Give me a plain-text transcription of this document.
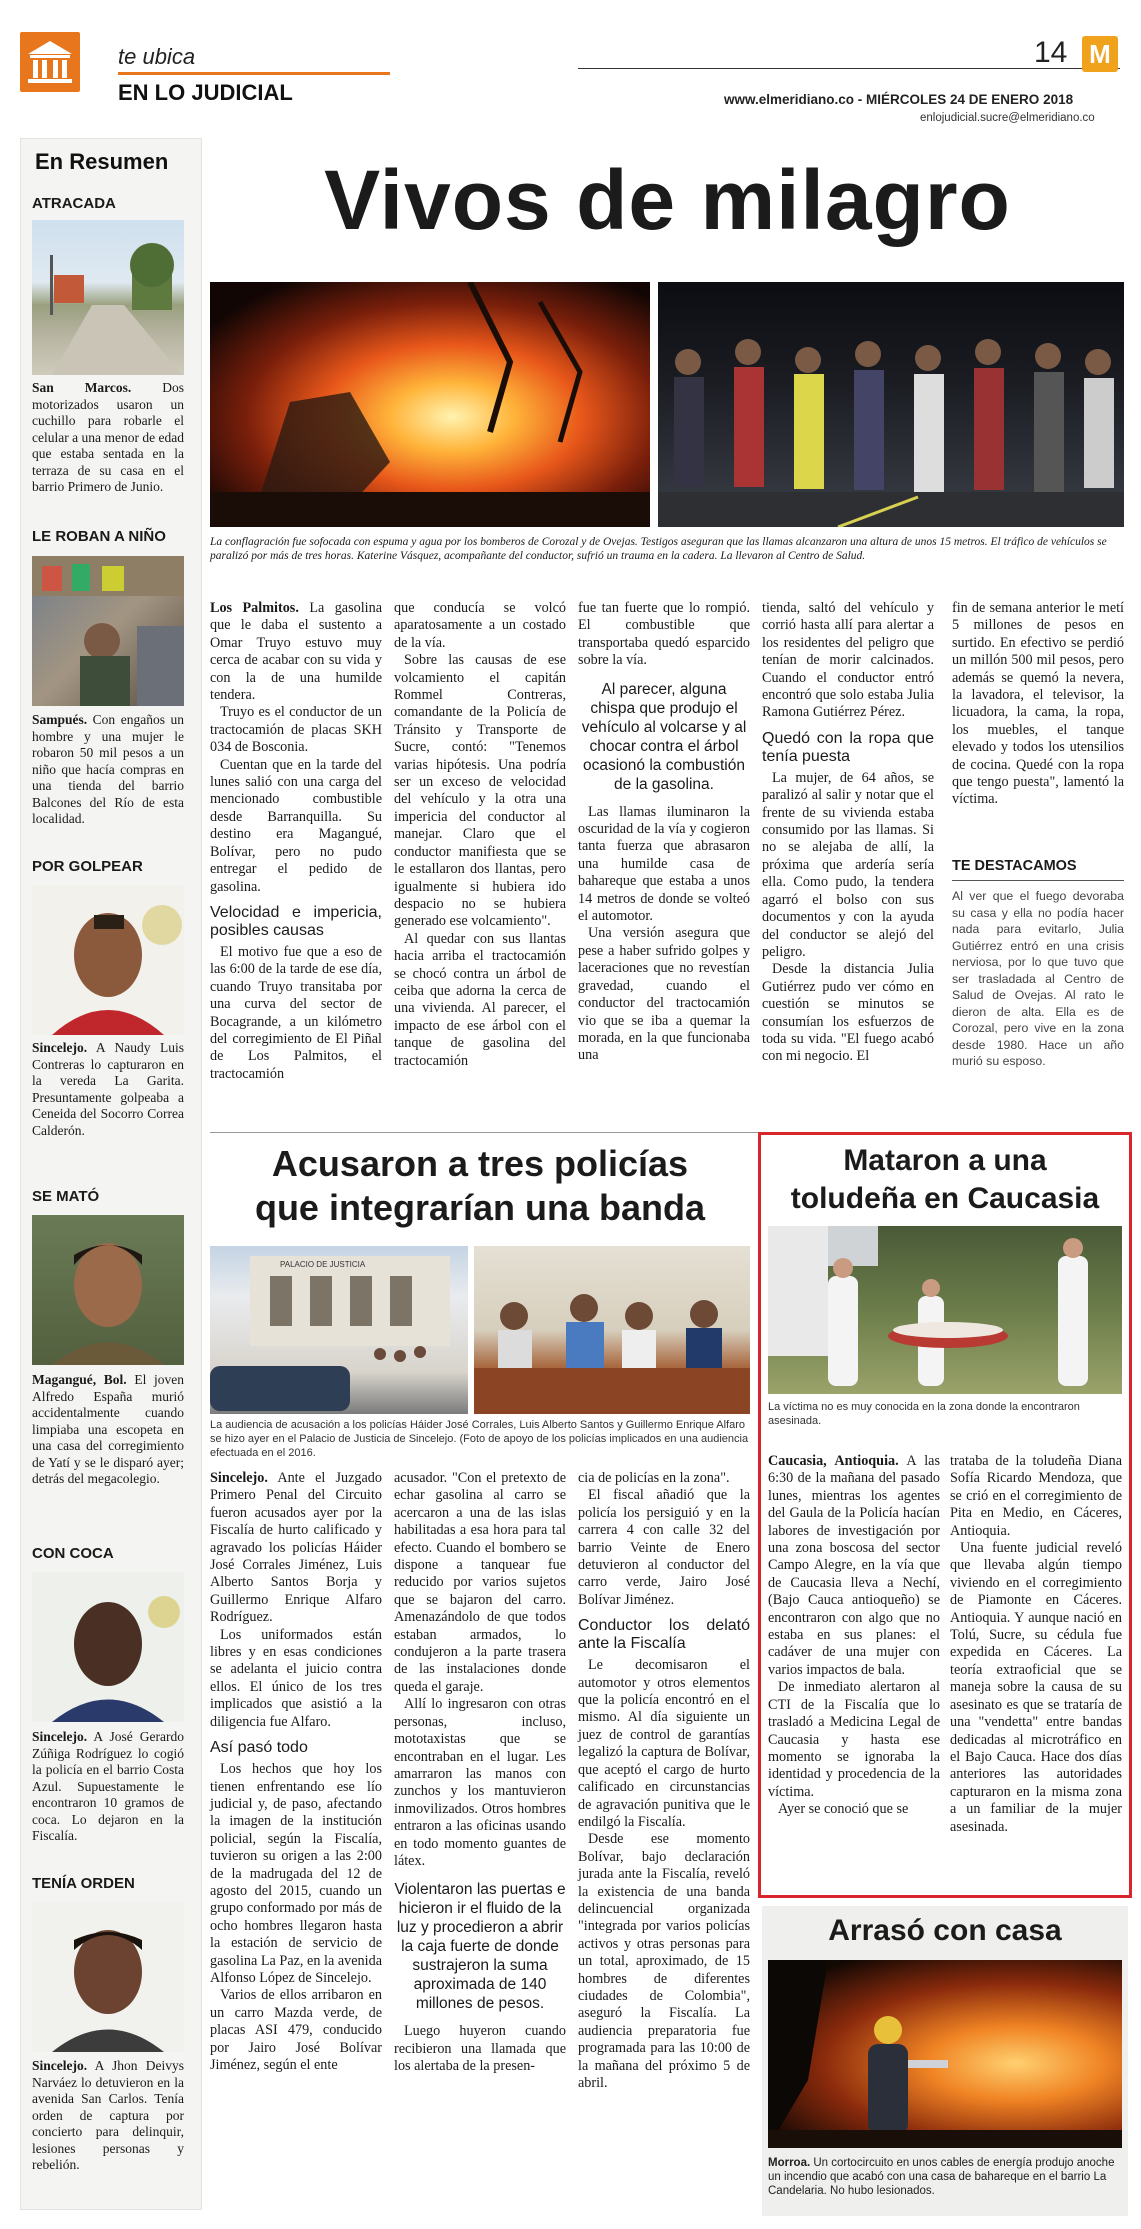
te ubica
EN LO JUDICIAL
14 M
www.elmeridiano.co - MIÉRCOLES 24 DE ENERO 2018
enlojudicial.sucre@elmeridiano.co
En Resumen
ATRACADA
San Marcos. Dos motorizados usaron un cuchillo para robarle el celular a una menor de edad que estaba sentada en la terraza de su casa en el barrio Primero de Junio.
LE ROBAN A NIÑO
Sampués. Con engaños un hombre y una mujer le robaron 50 mil pesos a un niño que hacía compras en una tienda del barrio Balcones del Río de esta localidad.
POR GOLPEAR
Sincelejo. A Naudy Luis Contreras lo capturaron en la vereda La Garita. Presuntamente golpeaba a Ceneida del Socorro Correa Calderón.
SE MATÓ
Magangué, Bol. El joven Alfredo España murió accidentalmente cuando limpiaba una escopeta en una casa del corregimiento de Yatí y se le disparó ayer; detrás del megacolegio.
CON COCA
Sincelejo. A José Gerardo Zúñiga Rodríguez lo cogió la policía en el barrio Costa Azul. Supuestamente le encontraron 10 gramos de coca. Lo dejaron en la Fiscalía.
TENÍA ORDEN
Sincelejo. A Jhon Deivys Narváez lo detuvieron en la avenida San Carlos. Tenía orden de captura por concierto para delinquir, lesiones personas y rebelión.
Vivos de milagro
La conflagración fue sofocada con espuma y agua por los bomberos de Corozal y de Ovejas. Testigos aseguran que las llamas alcanzaron una altura de unos 15 metros. El tráfico de vehículos se paralizó por más de tres horas. Katerine Vásquez, acompañante del conductor, sufrió un trauma en la cadera. La llevaron al Centro de Salud.

Los Palmitos. La gasolina que le daba el sustento a Omar Truyo estuvo muy cerca de acabar con su vida y con la de una humilde tendera.

Truyo es el conductor de un tractocamión de placas SKH 034 de Bosconia.

Cuentan que en la tarde del lunes salió con una carga del mencionado combustible desde Barranquilla. Su destino era Magangué, Bolívar, pero no pudo entregar el pedido de gasolina.

Velocidad e impericia, posibles causas

El motivo fue que a eso de las 6:00 de la tarde de ese día, cuando Truyo transitaba por una curva del sector de Bocagrande, a un kilómetro del corregimiento de El Piñal de Los Palmitos, el tractocamión

que conducía se volcó aparatosamente a un costado de la vía.

Sobre las causas de ese volcamiento el capitán Rommel Contreras, comandante de la Policía de Tránsito y Transporte de Sucre, contó: "Tenemos varias hipótesis. Una podría ser un exceso de velocidad del vehículo y la otra una impericia del conductor al manejar. Claro que el conductor manifiesta que se le estallaron dos llantas, pero igualmente si hubiera ido despacio no se hubiera generado ese volcamiento".

Al quedar con sus llantas hacia arriba el tractocamión se chocó contra un árbol de ceiba que adorna la cerca de una vivienda. Al parecer, el impacto de ese árbol con el tanque de gasolina del tractocamión

fue tan fuerte que lo rompió. El combustible que transportaba quedó esparcido sobre la vía.

Al parecer, alguna chispa que produjo el vehículo al volcarse y al chocar contra el árbol ocasionó la combustión de la gasolina.

Las llamas iluminaron la oscuridad de la vía y cogieron tanta fuerza que abrasaron una humilde casa de bahareque que estaba a unos 14 metros de donde se volteó el automotor.

Una versión asegura que pese a haber sufrido golpes y laceraciones que no revestían gravedad, cuando el conductor del tractocamión vio que se iba a quemar la morada, en la que funcionaba una

tienda, saltó del vehículo y corrió hasta allí para alertar a los residentes del peligro que tenían de morir calcinados. Cuando el conductor entró encontró que solo estaba Julia Ramona Gutiérrez Pérez.

Quedó con la ropa que tenía puesta

La mujer, de 64 años, se paralizó al salir y notar que el frente de su vivienda estaba consumido por las llamas. Si no se alejaba de allí, la próxima que ardería sería ella. Como pudo, la tendera agarró el bolso con sus documentos y con la ayuda del conductor se alejó del peligro.

Desde la distancia Julia Gutiérrez pudo ver cómo en cuestión se minutos se consumían los esfuerzos de toda su vida. "El fuego acabó con mi negocio. El

fin de semana anterior le metí 5 millones de pesos en surtido. En efectivo se perdió un millón 500 mil pesos, pero además se quemó la nevera, la lavadora, el televisor, la licuadora, la cama, la ropa, los muebles, el tanque elevado y todos los utensilios de cocina. Quedé con la ropa que tengo puesta", lamentó la víctima.

TE DESTACAMOS
Al ver que el fuego devoraba su casa y ella no podía hacer nada para evitarlo, Julia Gutiérrez entró en una crisis nerviosa, por lo que tuvo que ser trasladada al Centro de Salud de Ovejas. Al rato le dieron de alta. Ella es de Corozal, pero vive en la zona desde 1980. Hace un año murió su esposo.
Acusaron a tres policías
que integrarían una banda
PALACIO DE JUSTICIA
La audiencia de acusación a los policías Háider José Corrales, Luis Alberto Santos y Guillermo Enrique Alfaro se hizo ayer en el Palacio de Justicia de Sincelejo. (Foto de apoyo de los policías implicados en una audiencia efectuada en el 2016.

Sincelejo. Ante el Juzgado Primero Penal del Circuito fueron acusados ayer por la Fiscalía de hurto calificado y agravado los policías Háider José Corrales Jiménez, Luis Alberto Santos Borja y Guillermo Enrique Alfaro Rodríguez.

Los uniformados están libres y en esas condiciones se adelanta el juicio contra ellos. El único de los tres implicados que asistió a la diligencia fue Alfaro.

Así pasó todo

Los hechos que hoy los tienen enfrentando ese lío judicial y, de paso, afectando la imagen de la institución policial, según la Fiscalía, tuvieron su origen a las 2:00 de la madrugada del 12 de agosto del 2015, cuando un grupo conformado por más de ocho hombres llegaron hasta la estación de servicio de gasolina La Paz, en la avenida Alfonso López de Sincelejo.

Varios de ellos arribaron en un carro Mazda verde, de placas ASI 479, conducido por Jairo José Bolívar Jiménez, según el ente

acusador. "Con el pretexto de echar gasolina al carro se acercaron a una de las islas habilitadas a esa hora para tal efecto. Cuando el bombero se dispone a tanquear fue reducido por varios sujetos que se bajaron del carro. Amenazándolo de que todos estaban armados, lo condujeron a la parte trasera de las instalaciones donde queda el garaje.

Allí lo ingresaron con otras personas, incluso, mototaxistas que se encontraban en el lugar. Les amarraron las manos con zunchos y los mantuvieron inmovilizados. Otros hombres entraron a las oficinas usando en todo momento guantes de látex.

Violentaron las puertas e hicieron ir el fluido de la luz y procedieron a abrir la caja fuerte de donde sustrajeron la suma aproximada de 140 millones de pesos.

Luego huyeron cuando recibieron una llamada que los alertaba de la presen-

cia de policías en la zona".

El fiscal añadió que la policía los persiguió y en la carrera 4 con calle 32 del barrio Veinte de Enero detuvieron al conductor del carro verde, Jairo José Bolívar Jiménez.

Conductor los delató ante la Fiscalía

Le decomisaron el automotor y otros elementos que la policía encontró en el mismo. Al día siguiente un juez de control de garantías legalizó la captura de Bolívar, que aceptó el cargo de hurto calificado en circunstancias de agravación punitiva que le endilgó la Fiscalía.

Desde ese momento Bolívar, bajo declaración jurada ante la Fiscalía, reveló la existencia de una banda delincuencial organizada "integrada por varios policías activos y otras personas para un total, aproximado, de 15 hombres de diferentes ciudades de Colombia", aseguró la Fiscalía. La audiencia preparatoria fue programada para las 10:00 de la mañana del próximo 5 de abril.

Mataron a una
toludeña en Caucasia
La víctima no es muy conocida en la zona donde la encontraron asesinada.

Caucasia, Antioquia. A las 6:30 de la mañana del pasado lunes, mientras los agentes del Gaula de la Policía hacían labores de investigación por una zona boscosa del sector Campo Alegre, en la vía que de Caucasia lleva a Nechí, (Bajo Cauca antioqueño) se encontraron con algo que no estaba en sus planes: el cadáver de una mujer con varios impactos de bala.

De inmediato alertaron al CTI de la Fiscalía que lo trasladó a Medicina Legal de Caucasia y hasta ese momento se ignoraba la identidad y procedencia de la víctima.

Ayer se conoció que se

trataba de la toludeña Diana Sofía Ricardo Mendoza, que se crió en el corregimiento de Pita en Medio, en Cáceres, Antioquia.

Una fuente judicial reveló que llevaba algún tiempo viviendo en el corregimiento de Piamonte en Cáceres. Antioquia. Y aunque nació en Tolú, Sucre, su cédula fue expedida en Cáceres. La teoría extraoficial que se maneja sobre la causa de su asesinato es que se trataría de una "vendetta" entre bandas dedicadas al microtráfico en el Bajo Cauca. Hace dos días anteriores las autoridades capturaron en la misma zona a un familiar de la mujer asesinada.

Arrasó con casa
Morroa. Un cortocircuito en unos cables de energía produjo anoche un incendio que acabó con una casa de bahareque en el barrio La Candelaria. No hubo lesionados.
